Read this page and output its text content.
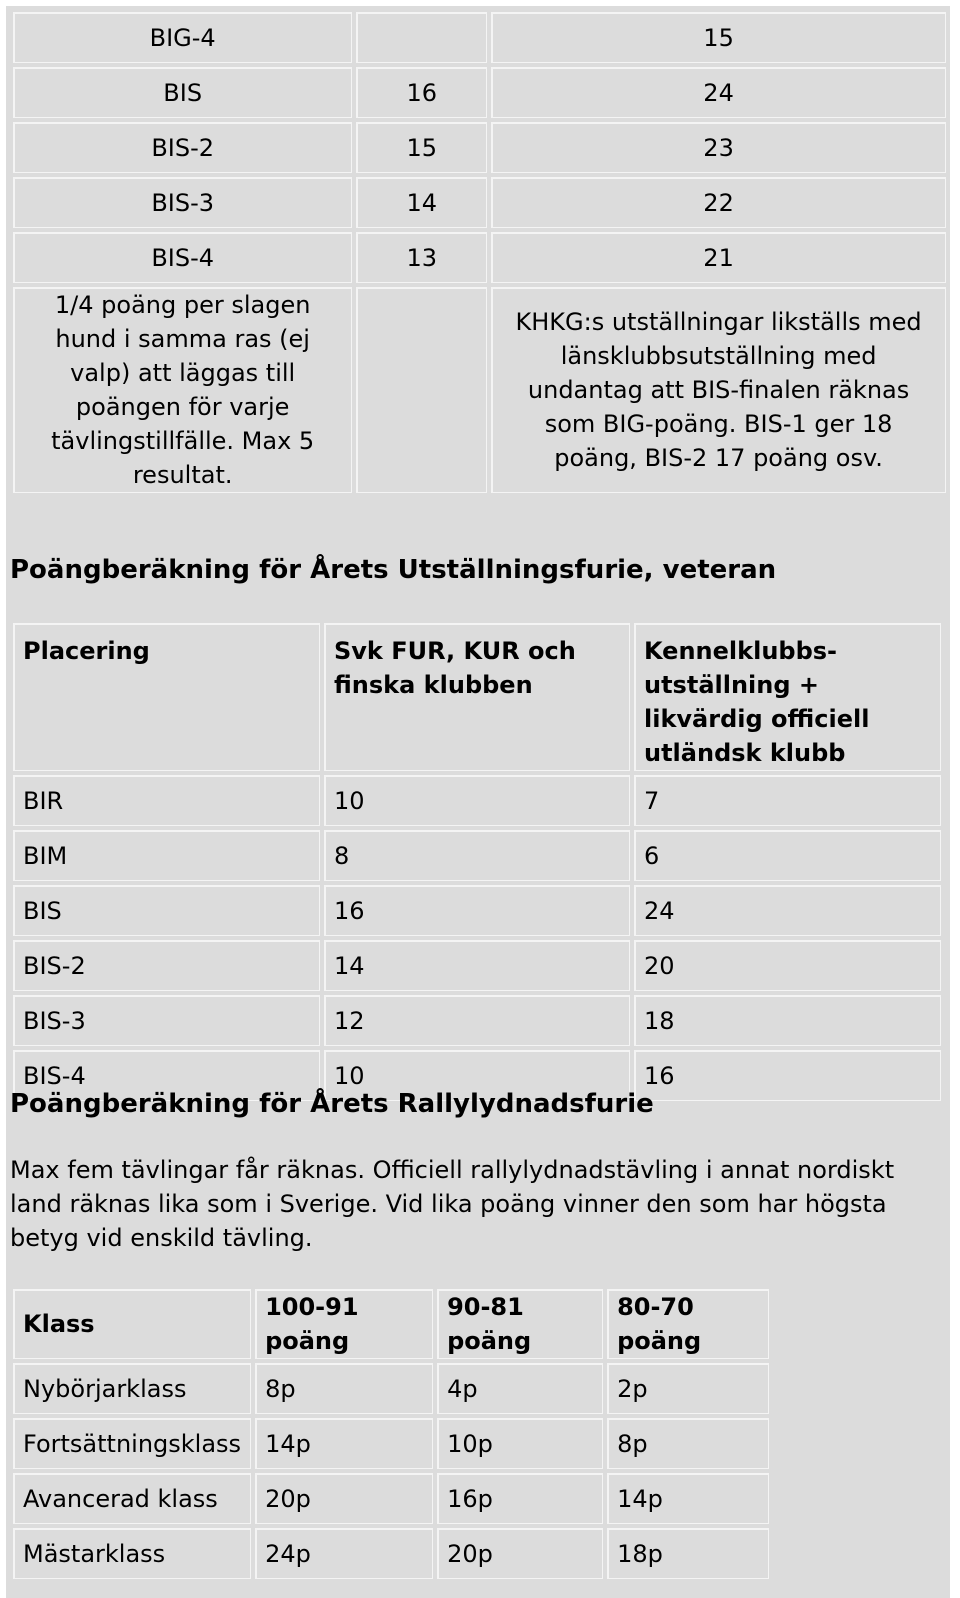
BIG-4		15
BIS	16	24
BIS-2	15	23
BIS-3	14	22
BIS-4	13	21
1/4 poäng per slagen hund i samma ras (ej valp) att läggas till poängen för varje tävlingstillfälle. Max 5 resultat.		KHKG:s utställningar likställs med länsklubbsutställning med undantag att BIS-finalen räknas som BIG-poäng. BIS-1 ger 18 poäng, BIS-2 17 poäng osv.
Poängberäkning för Årets Utställningsfurie, veteran
Placering	Svk FUR, KUR och finska klubben	Kennelklubbs-utställning + likvärdig officiell utländsk klubb
BIR	10	7
BIM	8	6
BIS	16	24
BIS-2	14	20
BIS-3	12	18
BIS-4	10	16
Poängberäkning för Årets Rallylydnadsfurie

Max fem tävlingar får räknas. Officiell rallylydnadstävling i annat nordiskt land räknas lika som i Sverige. Vid lika poäng vinner den som har högsta betyg vid enskild tävling.

Klass	100-91 poäng	90-81 poäng	80-70 poäng
Nybörjarklass	8p	4p	2p
Fortsättningsklass	14p	10p	8p
Avancerad klass	20p	16p	14p
Mästarklass	24p	20p	18p
